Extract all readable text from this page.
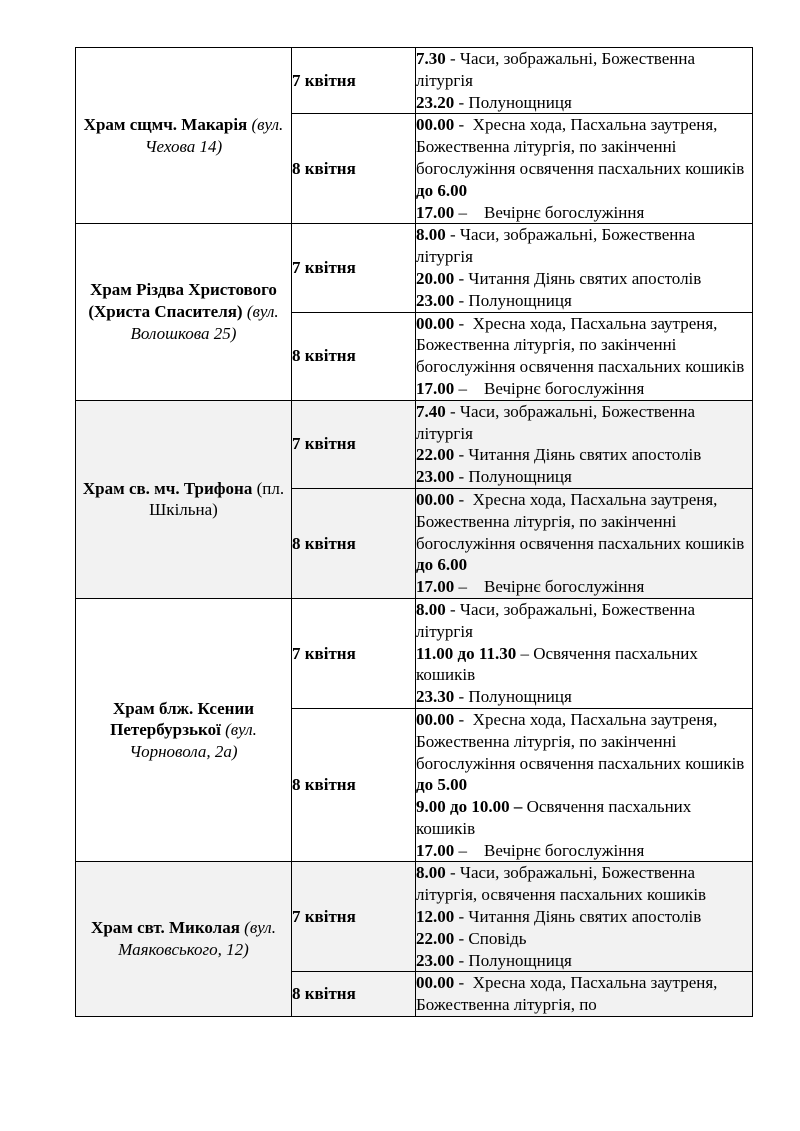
Храм сщмч. Макарія (вул. Чехова 14)	7 квітня	7.30 - Часи, зображальні, Божественна літургія
23.20 - Полунощниця

	8 квітня	00.00 -  Хресна хода, Пасхальна заутреня, Божественна літургія, по закінченні богослужіння освячення пасхальних кошиків до 6.00
17.00 –    Вечірнє богослужіння

Храм Різдва Христового (Христа Спасителя) (вул. Волошкова 25)	7 квітня	8.00 - Часи, зображальні, Божественна літургія
20.00 - Читання Діянь святих апостолів
23.00 - Полунощниця

	8 квітня	00.00 -  Хресна хода, Пасхальна заутреня, Божественна літургія, по закінченні богослужіння освячення пасхальних кошиків
17.00 –    Вечірнє богослужіння

Храм св. мч. Трифона (пл. Шкільна)	7 квітня	7.40 - Часи, зображальні, Божественна літургія
22.00 - Читання Діянь святих апостолів
23.00 - Полунощниця

	8 квітня	00.00 -  Хресна хода, Пасхальна заутреня, Божественна літургія, по закінченні богослужіння освячення пасхальних кошиків до 6.00
17.00 –    Вечірнє богослужіння

Храм блж. Ксении Петербурзької (вул. Чорновола, 2а)	7 квітня	8.00 - Часи, зображальні, Божественна літургія
11.00 до 11.30 – Освячення пасхальних кошиків
23.30 - Полунощниця

	8 квітня	00.00 -  Хресна хода, Пасхальна заутреня, Божественна літургія, по закінченні богослужіння освячення пасхальних кошиків до 5.00
9.00 до 10.00 – Освячення пасхальних кошиків
17.00 –    Вечірнє богослужіння

Храм свт. Миколая (вул. Маяковського, 12)	7 квітня	8.00 - Часи, зображальні, Божественна літургія, освячення пасхальних кошиків
12.00 - Читання Діянь святих апостолів
22.00 - Сповідь
23.00 - Полунощниця

	8 квітня	00.00 -  Хресна хода, Пасхальна заутреня, Божественна літургія, по
